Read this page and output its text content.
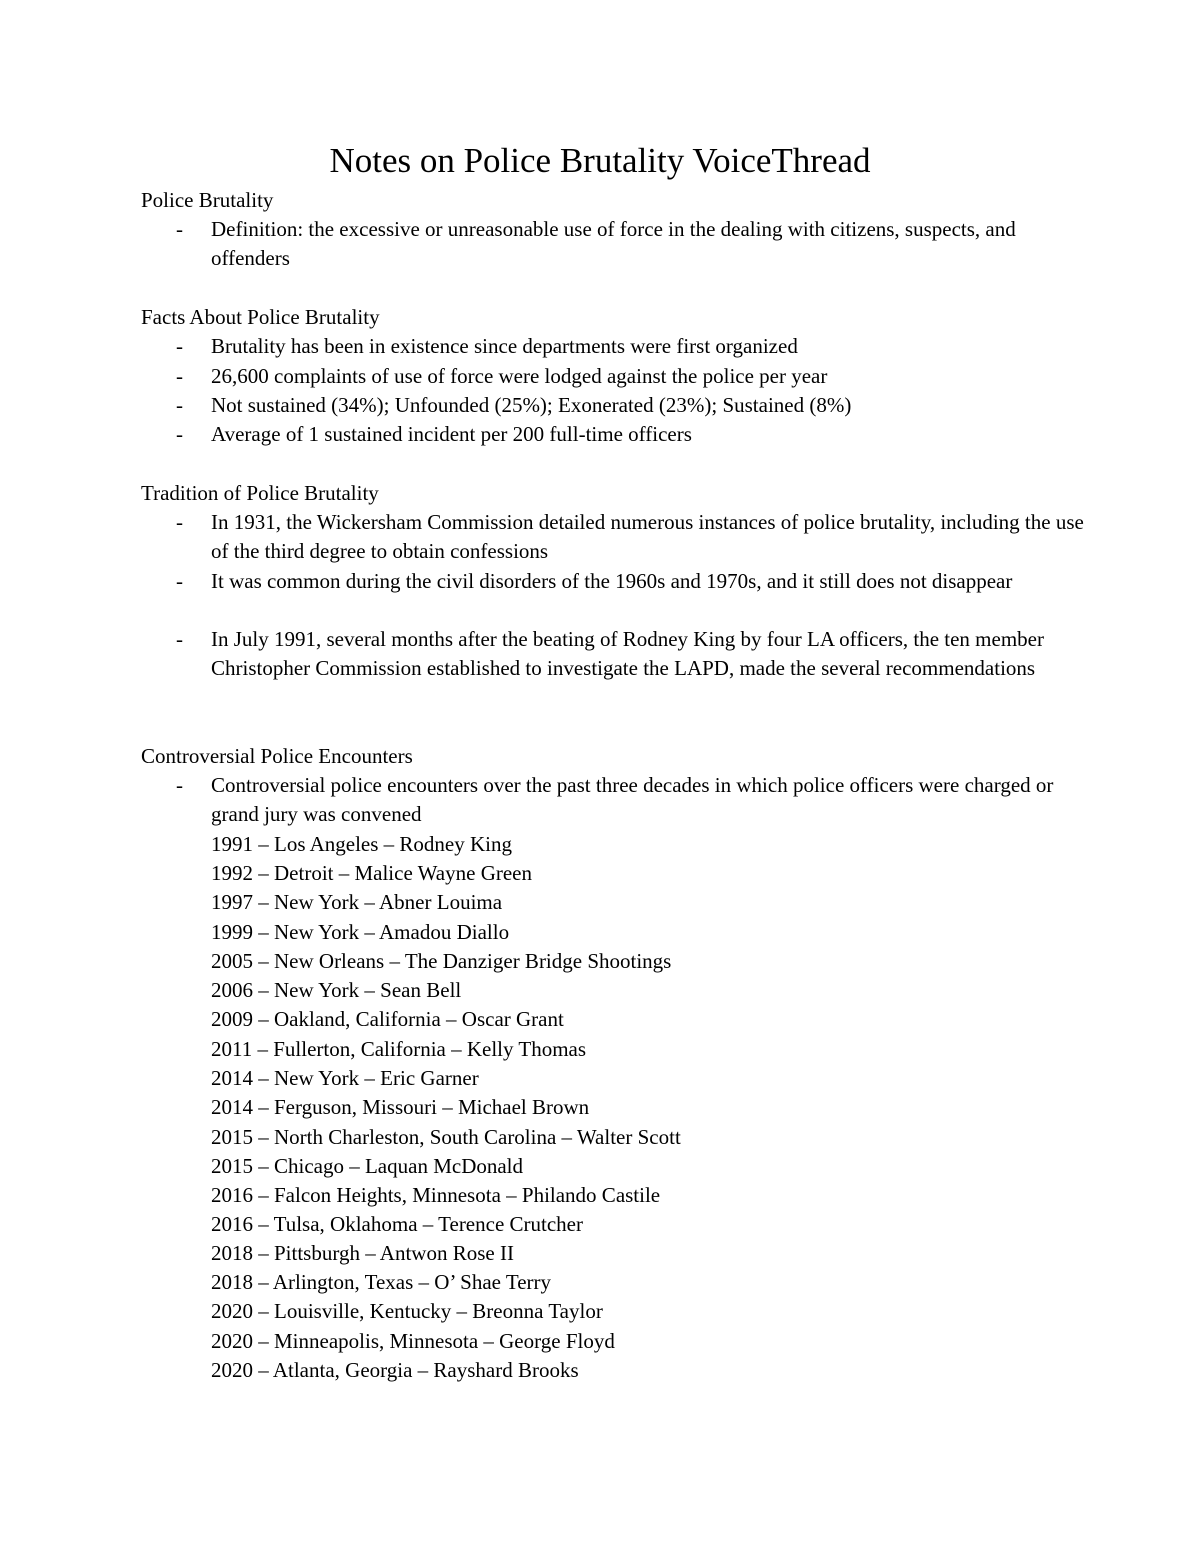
Notes on Police Brutality VoiceThread
Police Brutality
- Definition: the excessive or unreasonable use of force in the dealing with citizens, suspects, and offenders
Facts About Police Brutality
- Brutality has been in existence since departments were first organized
- 26,600 complaints of use of force were lodged against the police per year
- Not sustained (34%); Unfounded (25%); Exonerated (23%); Sustained (8%)
- Average of 1 sustained incident per 200 full-time officers
Tradition of Police Brutality
- In 1931, the Wickersham Commission detailed numerous instances of police brutality, including the use of the third degree to obtain confessions
- It was common during the civil disorders of the 1960s and 1970s, and it still does not disappear
- In July 1991, several months after the beating of Rodney King by four LA officers, the ten member Christopher Commission established to investigate the LAPD, made the several recommendations
Controversial Police Encounters
- Controversial police encounters over the past three decades in which police officers were charged or grand jury was convened
1991 – Los Angeles – Rodney King
1992 – Detroit – Malice Wayne Green
1997 – New York – Abner Louima
1999 – New York – Amadou Diallo
2005 – New Orleans – The Danziger Bridge Shootings
2006 – New York – Sean Bell
2009 – Oakland, California – Oscar Grant
2011 – Fullerton, California – Kelly Thomas
2014 – New York – Eric Garner
2014 – Ferguson, Missouri – Michael Brown
2015 – North Charleston, South Carolina – Walter Scott
2015 – Chicago – Laquan McDonald
2016 – Falcon Heights, Minnesota – Philando Castile
2016 – Tulsa, Oklahoma – Terence Crutcher
2018 – Pittsburgh – Antwon Rose II
2018 – Arlington, Texas – O’ Shae Terry
2020 – Louisville, Kentucky – Breonna Taylor
2020 – Minneapolis, Minnesota – George Floyd
2020 – Atlanta, Georgia – Rayshard Brooks
